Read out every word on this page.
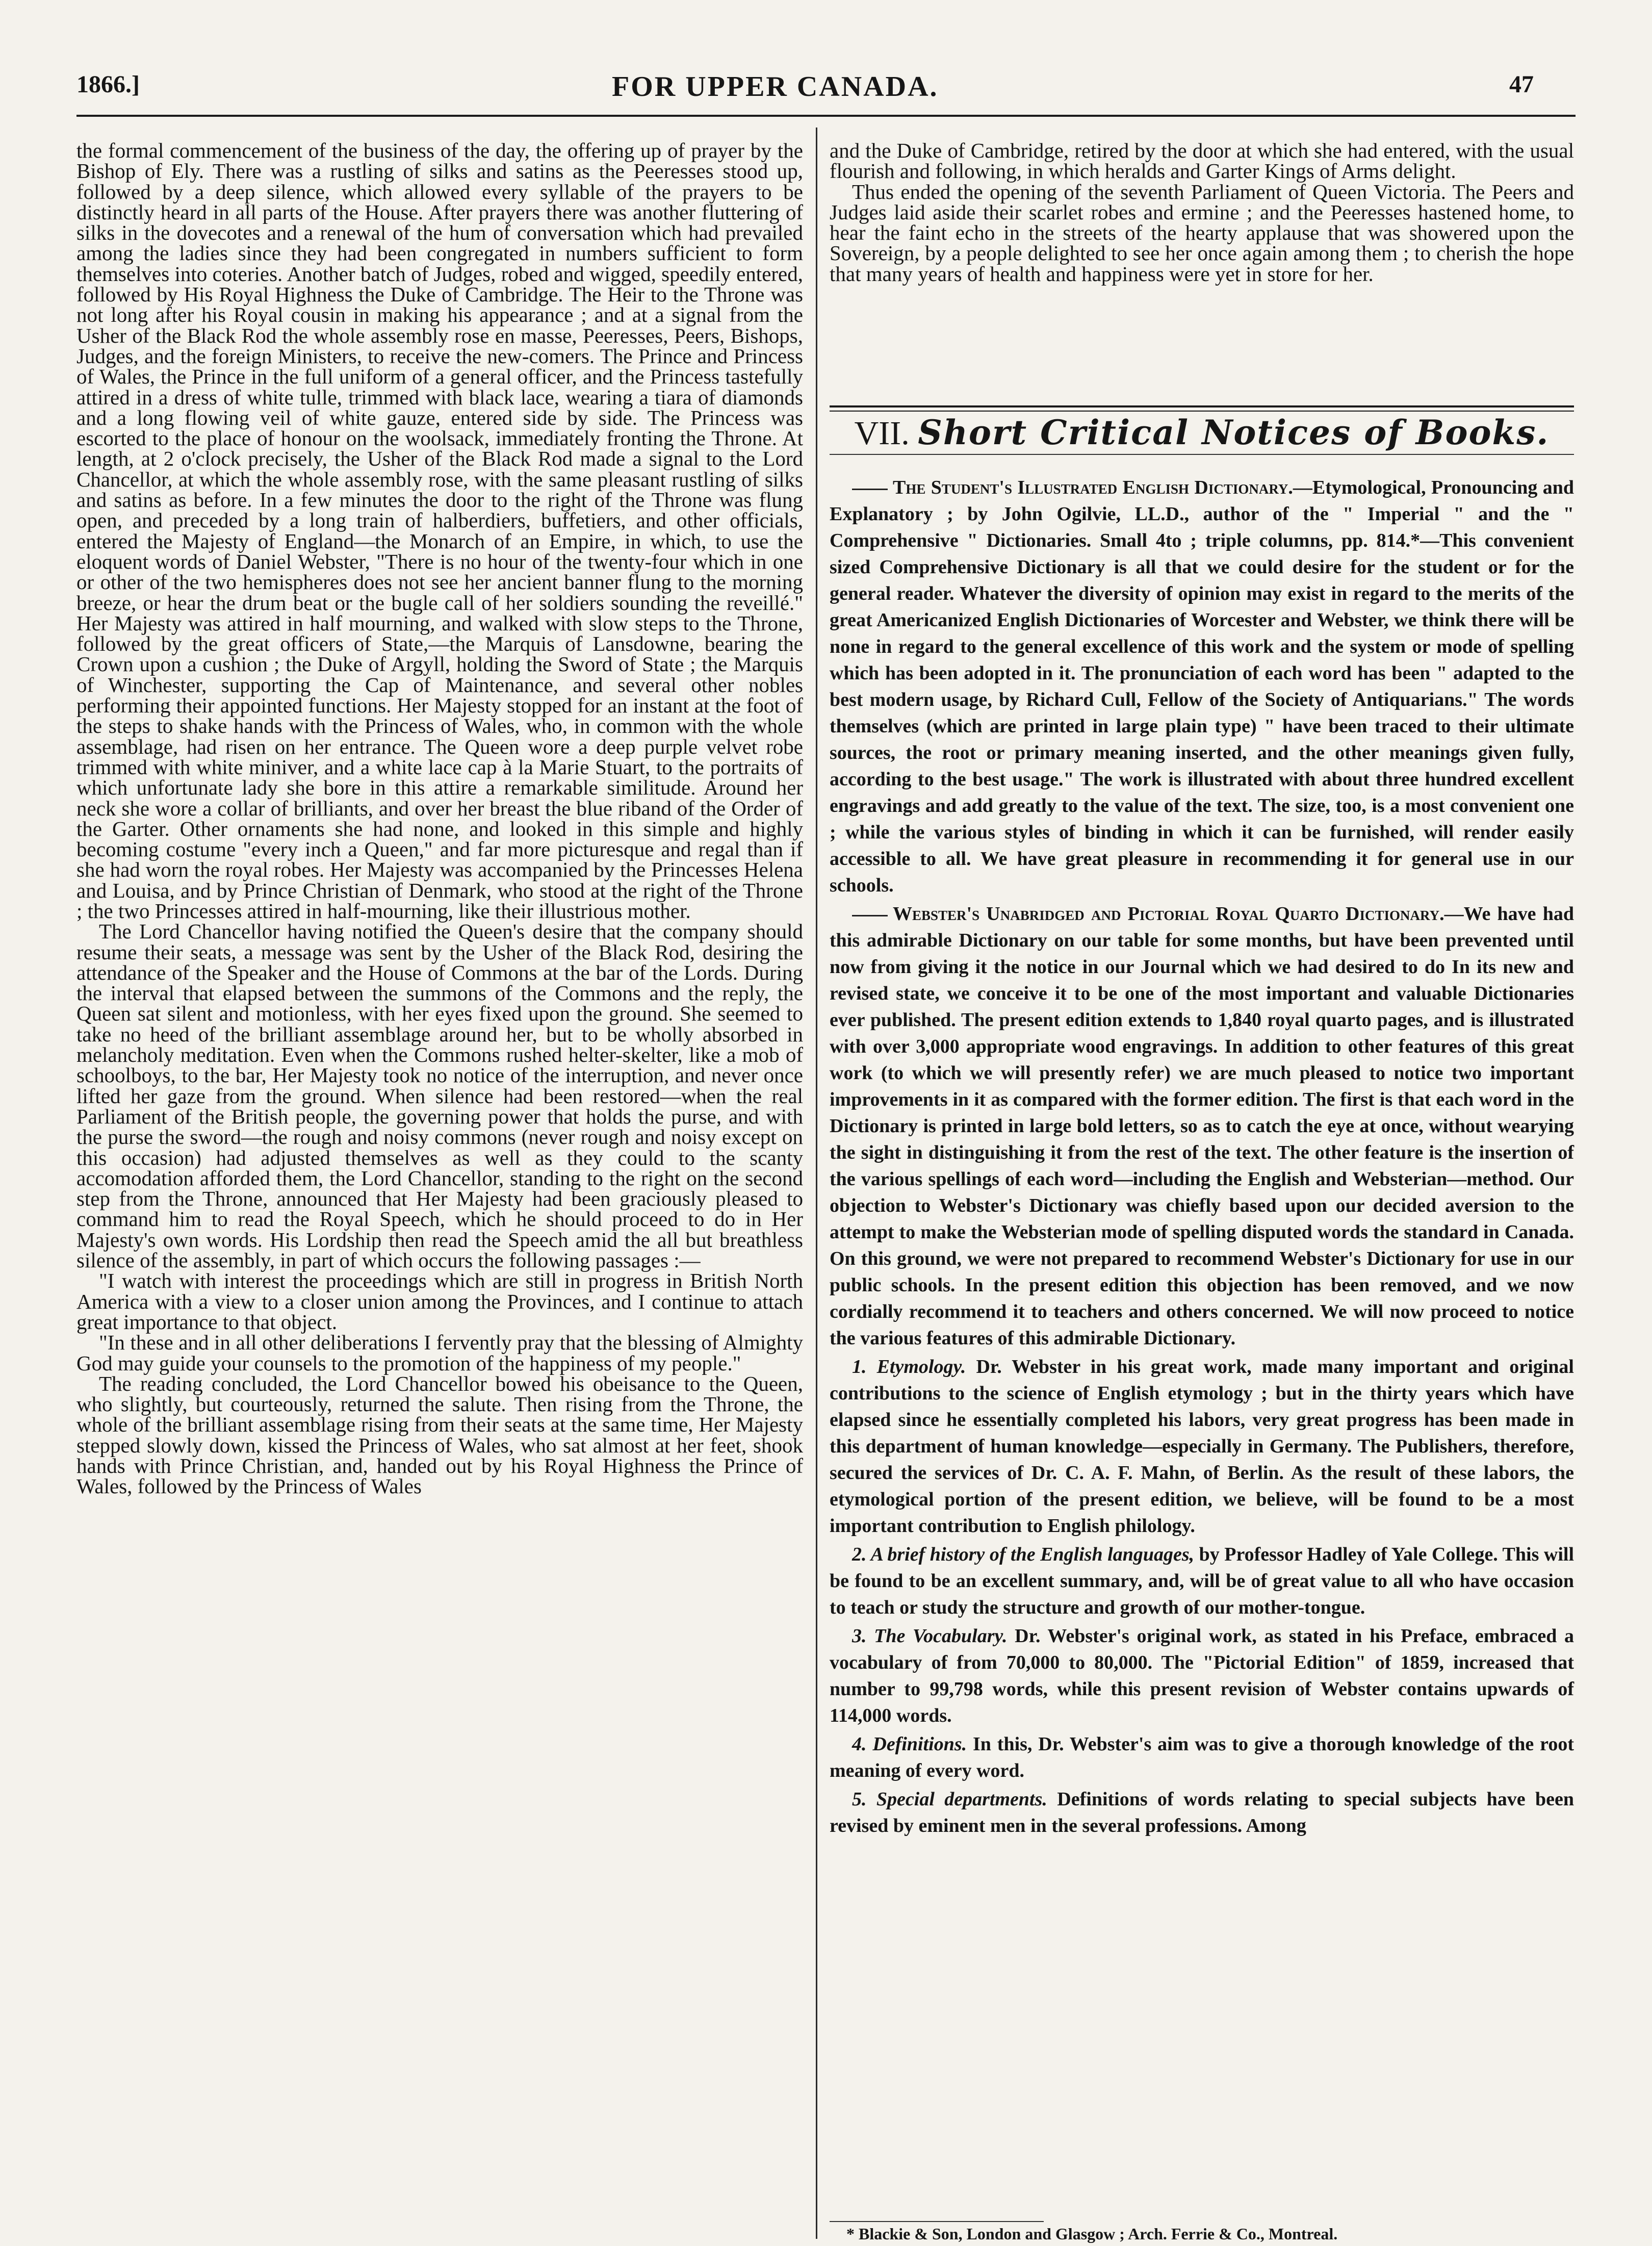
1866.]	FOR UPPER CANADA.	47

the formal commencement of the business of the day, the offering up of prayer by the Bishop of Ely. There was a rustling of silks and satins as the Peeresses stood up, followed by a deep silence, which allowed every syllable of the prayers to be distinctly heard in all parts of the House. After prayers there was another fluttering of silks in the dovecotes and a renewal of the hum of conversation which had prevailed among the ladies since they had been congregated in numbers sufficient to form themselves into coteries. Another batch of Judges, robed and wigged, speedily entered, followed by His Royal Highness the Duke of Cambridge. The Heir to the Throne was not long after his Royal cousin in making his appearance ; and at a signal from the Usher of the Black Rod the whole assembly rose en masse, Peeresses, Peers, Bishops, Judges, and the foreign Ministers, to receive the new-comers. The Prince and Princess of Wales, the Prince in the full uniform of a general officer, and the Princess tastefully attired in a dress of white tulle, trimmed with black lace, wearing a tiara of diamonds and a long flowing veil of white gauze, entered side by side. The Princess was escorted to the place of honour on the woolsack, immediately fronting the Throne. At length, at 2 o'clock precisely, the Usher of the Black Rod made a signal to the Lord Chancellor, at which the whole assembly rose, with the same pleasant rustling of silks and satins as before. In a few minutes the door to the right of the Throne was flung open, and preceded by a long train of halberdiers, buffetiers, and other officials, entered the Majesty of England—the Monarch of an Empire, in which, to use the eloquent words of Daniel Webster, "There is no hour of the twenty-four which in one or other of the two hemispheres does not see her ancient banner flung to the morning breeze, or hear the drum beat or the bugle call of her soldiers sounding the reveillé." Her Majesty was attired in half mourning, and walked with slow steps to the Throne, followed by the great officers of State,—the Marquis of Lansdowne, bearing the Crown upon a cushion ; the Duke of Argyll, holding the Sword of State ; the Marquis of Winchester, supporting the Cap of Maintenance, and several other nobles performing their appointed functions. Her Majesty stopped for an instant at the foot of the steps to shake hands with the Princess of Wales, who, in common with the whole assemblage, had risen on her entrance. The Queen wore a deep purple velvet robe trimmed with white miniver, and a white lace cap à la Marie Stuart, to the portraits of which unfortunate lady she bore in this attire a remarkable similitude. Around her neck she wore a collar of brilliants, and over her breast the blue riband of the Order of the Garter. Other ornaments she had none, and looked in this simple and highly becoming costume "every inch a Queen," and far more picturesque and regal than if she had worn the royal robes. Her Majesty was accompanied by the Princesses Helena and Louisa, and by Prince Christian of Denmark, who stood at the right of the Throne ; the two Princesses attired in half-mourning, like their illustrious mother.

The Lord Chancellor having notified the Queen's desire that the company should resume their seats, a message was sent by the Usher of the Black Rod, desiring the attendance of the Speaker and the House of Commons at the bar of the Lords. During the interval that elapsed between the summons of the Commons and the reply, the Queen sat silent and motionless, with her eyes fixed upon the ground. She seemed to take no heed of the brilliant assemblage around her, but to be wholly absorbed in melancholy meditation. Even when the Commons rushed helter-skelter, like a mob of schoolboys, to the bar, Her Majesty took no notice of the interruption, and never once lifted her gaze from the ground. When silence had been restored—when the real Parliament of the British people, the governing power that holds the purse, and with the purse the sword—the rough and noisy commons (never rough and noisy except on this occasion) had adjusted themselves as well as they could to the scanty accomodation afforded them, the Lord Chancellor, standing to the right on the second step from the Throne, announced that Her Majesty had been graciously pleased to command him to read the Royal Speech, which he should proceed to do in Her Majesty's own words. His Lordship then read the Speech amid the all but breathless silence of the assembly, in part of which occurs the following passages :—

"I watch with interest the proceedings which are still in progress in British North America with a view to a closer union among the Provinces, and I continue to attach great importance to that object.

"In these and in all other deliberations I fervently pray that the blessing of Almighty God may guide your counsels to the promotion of the happiness of my people."

The reading concluded, the Lord Chancellor bowed his obeisance to the Queen, who slightly, but courteously, returned the salute. Then rising from the Throne, the whole of the brilliant assemblage rising from their seats at the same time, Her Majesty stepped slowly down, kissed the Princess of Wales, who sat almost at her feet, shook hands with Prince Christian, and, handed out by his Royal Highness the Prince of Wales, followed by the Princess of Wales

and the Duke of Cambridge, retired by the door at which she had entered, with the usual flourish and following, in which heralds and Garter Kings of Arms delight.

Thus ended the opening of the seventh Parliament of Queen Victoria. The Peers and Judges laid aside their scarlet robes and ermine ; and the Peeresses hastened home, to hear the faint echo in the streets of the hearty applause that was showered upon the Sovereign, by a people delighted to see her once again among them ; to cherish the hope that many years of health and happiness were yet in store for her.

VII. Short Critical Notices of Books.

The Student's Illustrated English Dictionary.—Etymological, Pronouncing and Explanatory ; by John Ogilvie, LL.D., author of the " Imperial " and the " Comprehensive " Dictionaries. Small 4to ; triple columns, pp. 814.*—This convenient sized Comprehensive Dictionary is all that we could desire for the student or for the general reader. Whatever the diversity of opinion may exist in regard to the merits of the great Americanized English Dictionaries of Worcester and Webster, we think there will be none in regard to the general excellence of this work and the system or mode of spelling which has been adopted in it. The pronunciation of each word has been " adapted to the best modern usage, by Richard Cull, Fellow of the Society of Antiquarians." The words themselves (which are printed in large plain type) " have been traced to their ultimate sources, the root or primary meaning inserted, and the other meanings given fully, according to the best usage." The work is illustrated with about three hundred excellent engravings and add greatly to the value of the text. The size, too, is a most convenient one ; while the various styles of binding in which it can be furnished, will render easily accessible to all. We have great pleasure in recommending it for general use in our schools.

Webster's Unabridged and Pictorial Royal Quarto Dictionary.—We have had this admirable Dictionary on our table for some months, but have been prevented until now from giving it the notice in our Journal which we had desired to do In its new and revised state, we conceive it to be one of the most important and valuable Dictionaries ever published. The present edition extends to 1,840 royal quarto pages, and is illustrated with over 3,000 appropriate wood engravings. In addition to other features of this great work (to which we will presently refer) we are much pleased to notice two important improvements in it as compared with the former edition. The first is that each word in the Dictionary is printed in large bold letters, so as to catch the eye at once, without wearying the sight in distinguishing it from the rest of the text. The other feature is the insertion of the various spellings of each word—including the English and Websterian—method. Our objection to Webster's Dictionary was chiefly based upon our decided aversion to the attempt to make the Websterian mode of spelling disputed words the standard in Canada. On this ground, we were not prepared to recommend Webster's Dictionary for use in our public schools. In the present edition this objection has been removed, and we now cordially recommend it to teachers and others concerned. We will now proceed to notice the various features of this admirable Dictionary.

1. Etymology. Dr. Webster in his great work, made many important and original contributions to the science of English etymology ; but in the thirty years which have elapsed since he essentially completed his labors, very great progress has been made in this department of human knowledge—especially in Germany. The Publishers, therefore, secured the services of Dr. C. A. F. Mahn, of Berlin. As the result of these labors, the etymological portion of the present edition, we believe, will be found to be a most important contribution to English philology.

2. A brief history of the English languages, by Professor Hadley of Yale College. This will be found to be an excellent summary, and, will be of great value to all who have occasion to teach or study the structure and growth of our mother-tongue.

3. The Vocabulary. Dr. Webster's original work, as stated in his Preface, embraced a vocabulary of from 70,000 to 80,000. The "Pictorial Edition" of 1859, increased that number to 99,798 words, while this present revision of Webster contains upwards of 114,000 words.

4. Definitions. In this, Dr. Webster's aim was to give a thorough knowledge of the root meaning of every word.

5. Special departments. Definitions of words relating to special subjects have been revised by eminent men in the several professions. Among

* Blackie & Son, London and Glasgow ; Arch. Ferrie & Co., Montreal.
